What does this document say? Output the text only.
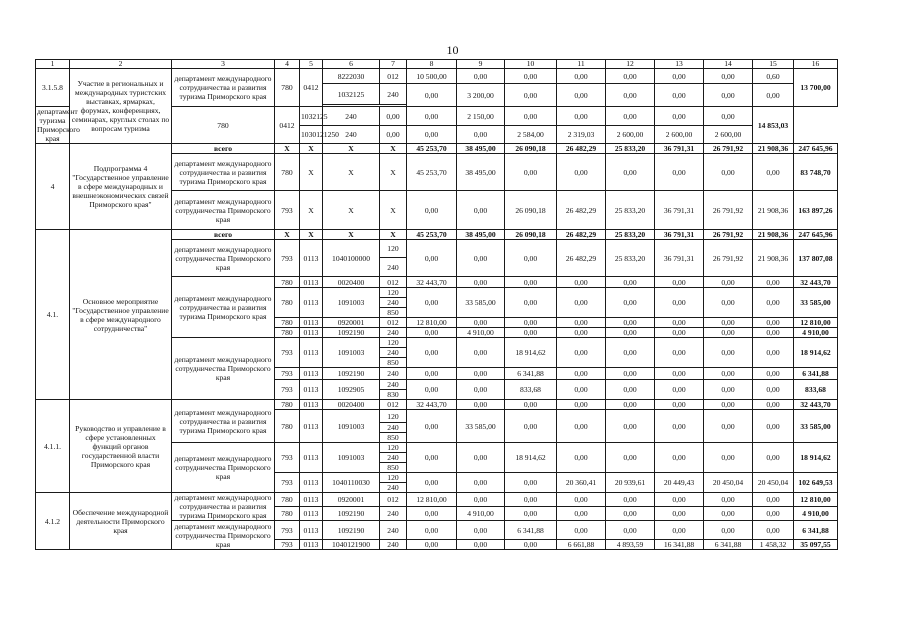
10
1	2	3	4	5	6	7	8	9	10	11	12	13	14	15	16
3.1.5.8	Участие в региональных и международных туристских выставках, ярмарках, форумах, конференциях, семинарах, круглых столах по вопросам туризма	департамент международного сотрудничества и развития туризма Приморского края	780	0412	8222030	012	10 500,00	0,00	0,00	0,00	0,00	0,00	0,00	0,60	13 700,00
					1032125	240	0,00	3 200,00	0,00	0,00	0,00	0,00	0,00	0,00	

департамент туризма Приморского края		780	0412	1032125	240	0,00	0,00	2 150,00	0,00	0,00	0,00	0,00	0,00	14 853,03	
				1030121250	240	0,00	0,00	0,00	2 584,00	2 319,03	2 600,00	2 600,00	2 600,00		
4	Подпрограмма 4 "Государственное управление в сфере международных и внешнеэкономических связей Приморского края"	всего	X	X	X	X	45 253,70	38 495,00	26 090,18	26 482,29	25 833,20	36 791,31	26 791,92	21 908,36	247 645,96
		департамент международного сотрудничества и развития туризма Приморского края	780	X	X	X	45 253,70	38 495,00	0,00	0,00	0,00	0,00	0,00	0,00	83 748,70
		департамент международного сотрудничества Приморского края	793	X	X	X	0,00	0,00	26 090,18	26 482,29	25 833,20	36 791,31	26 791,92	21 908,36	163 897,26
4.1.	Основное мероприятие "Государственное управление в сфере международного сотрудничества"	всего	X	X	X	X	45 253,70	38 495,00	26 090,18	26 482,29	25 833,20	36 791,31	26 791,92	21 908,36	247 645,96
		департамент международного сотрудничества Приморского края	793	0113	1040100000	120	0,00	0,00	0,00	26 482,29	25 833,20	36 791,31	26 791,92	21 908,36	137 807,08
						240									
		департамент международного сотрудничества и развития туризма Приморского края	780	0113	0020400	012	32 443,70	0,00	0,00	0,00	0,00	0,00	0,00	0,00	32 443,70
			780	0113	1091003	120	0,00	33 585,00	0,00	0,00	0,00	0,00	0,00	0,00	33 585,00
						240									
						850									
			780	0113	0920001	012	12 810,00	0,00	0,00	0,00	0,00	0,00	0,00	0,00	12 810,00
			780	0113	1092190	240	0,00	4 910,00	0,00	0,00	0,00	0,00	0,00	0,00	4 910,00
		департамент международного сотрудничества Приморского края	793	0113	1091003	120	0,00	0,00	18 914,62	0,00	0,00	0,00	0,00	0,00	18 914,62
						240									
						850									
			793	0113	1092190	240	0,00	0,00	6 341,88	0,00	0,00	0,00	0,00	0,00	6 341,88
			793	0113	1092905	240	0,00	0,00	833,68	0,00	0,00	0,00	0,00	0,00	833,68
						830									
4.1.1.	Руководство и управление в сфере установленных функций органов государственной власти Приморского края	департамент международного сотрудничества и развития туризма Приморского края	780	0113	0020400	012	32 443,70	0,00	0,00	0,00	0,00	0,00	0,00	0,00	32 443,70
			780	0113	1091003	120	0,00	33 585,00	0,00	0,00	0,00	0,00	0,00	0,00	33 585,00
						240									
						850									
		департамент международного сотрудничества Приморского края	793	0113	1091003	120	0,00	0,00	18 914,62	0,00	0,00	0,00	0,00	0,00	18 914,62
						240									
						850									
			793	0113	1040110030	120	0,00	0,00	0,00	20 360,41	20 939,61	20 449,43	20 450,04	20 450,04	102 649,53
						240									
4.1.2	Обеспечение международной деятельности Приморского края	департамент международного сотрудничества и развития туризма Приморского края	780	0113	0920001	012	12 810,00	0,00	0,00	0,00	0,00	0,00	0,00	0,00	12 810,00
			780	0113	1092190	240	0,00	4 910,00	0,00	0,00	0,00	0,00	0,00	0,00	4 910,00
		департамент международного сотрудничества Приморского края	793	0113	1092190	240	0,00	0,00	6 341,88	0,00	0,00	0,00	0,00	0,00	6 341,88
			793	0113	1040121900	240	0,00	0,00	0,00	6 661,88	4 893,59	16 341,88	6 341,88	1 458,32	35 097,55
